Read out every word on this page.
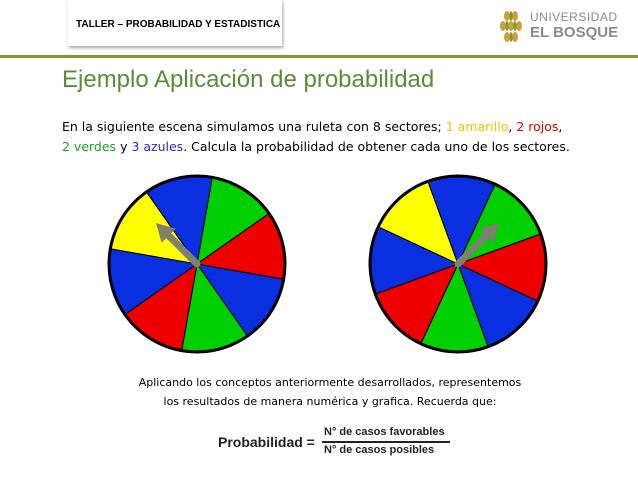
TALLER – PROBABILIDAD Y ESTADISTICA
UNIVERSIDAD
EL BOSQUE
Ejemplo Aplicación de probabilidad
En la siguiente escena simulamos una ruleta con 8 sectores; 1 amarillo, 2 rojos, 2 verdes y 3 azules. Calcula la probabilidad de obtener cada uno de los sectores.
Aplicando los conceptos anteriormente desarrollados, representemos
los resultados de manera numérica y grafica. Recuerda que:
Probabilidad =
N° de casos favorables
N° de casos posibles
